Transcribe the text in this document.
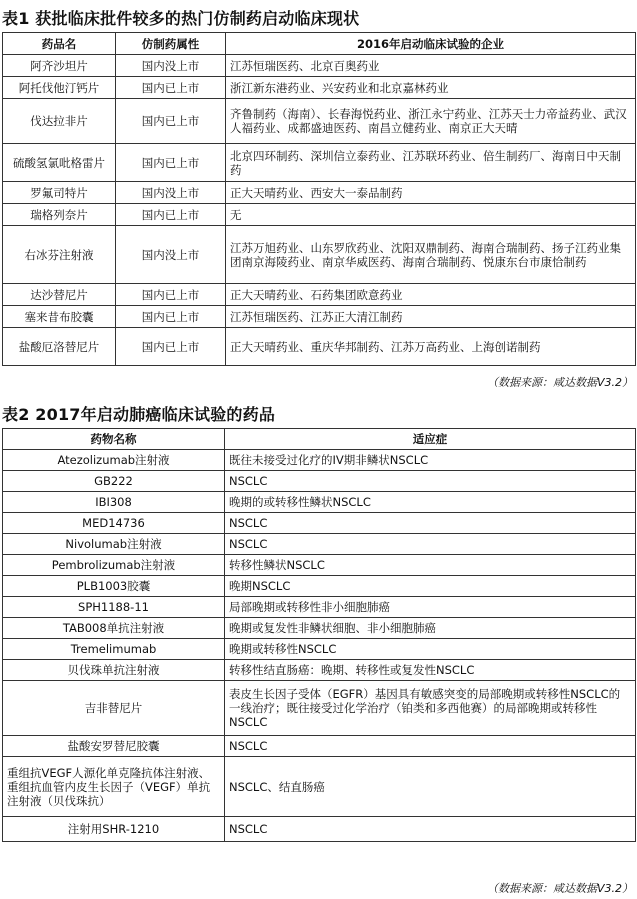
表1 获批临床批件较多的热门仿制药启动临床现状
药品名	仿制药属性	2016年启动临床试验的企业
阿齐沙坦片	国内没上市	江苏恒瑞医药、北京百奥药业
阿托伐他汀钙片	国内已上市	浙江新东港药业、兴安药业和北京嘉林药业
伐达拉非片	国内已上市	齐鲁制药（海南）、长春海悦药业、浙江永宁药业、江苏天士力帝益药业、武汉人福药业、成都盛迪医药、南昌立健药业、南京正大天晴
硫酸氢氯吡格雷片	国内已上市	北京四环制药、深圳信立泰药业、江苏联环药业、倍生制药厂、海南日中天制药
罗氟司特片	国内没上市	正大天晴药业、西安大一泰品制药
瑞格列奈片	国内已上市	无
右冰芬注射液	国内没上市	江苏万旭药业、山东罗欣药业、沈阳双鼎制药、海南合瑞制药、扬子江药业集团南京海陵药业、南京华威医药、海南合瑞制药、悦康东台市康恰制药
达沙替尼片	国内已上市	正大天晴药业、石药集团欧意药业
塞来昔布胶囊	国内已上市	江苏恒瑞医药、江苏正大清江制药
盐酸厄洛替尼片	国内已上市	正大天晴药业、重庆华邦制药、江苏万高药业、上海创诺制药
（数据来源：咸达数据V3.2）
表2 2017年启动肺癌临床试验的药品
药物名称	适应症
Atezolizumab注射液	既往未接受过化疗的IV期非鳞状NSCLC
GB222	NSCLC
IBI308	晚期的或转移性鳞状NSCLC
MED14736	NSCLC
Nivolumab注射液	NSCLC
Pembrolizumab注射液	转移性鳞状NSCLC
PLB1003胶囊	晚期NSCLC
SPH1188-11	局部晚期或转移性非小细胞肺癌
TAB008单抗注射液	晚期或复发性非鳞状细胞、非小细胞肺癌
Tremelimumab	晚期或转移性NSCLC
贝伐珠单抗注射液	转移性结直肠癌：晚期、转移性或复发性NSCLC
吉非替尼片	表皮生长因子受体（EGFR）基因具有敏感突变的局部晚期或转移性NSCLC的一线治疗；既往接受过化学治疗（铂类和多西他赛）的局部晚期或转移性NSCLC
盐酸安罗替尼胶囊	NSCLC
重组抗VEGF人源化单克隆抗体注射液、重组抗血管内皮生长因子（VEGF）单抗注射液（贝伐珠抗）	NSCLC、结直肠癌
注射用SHR-1210	NSCLC
（数据来源：咸达数据V3.2）
